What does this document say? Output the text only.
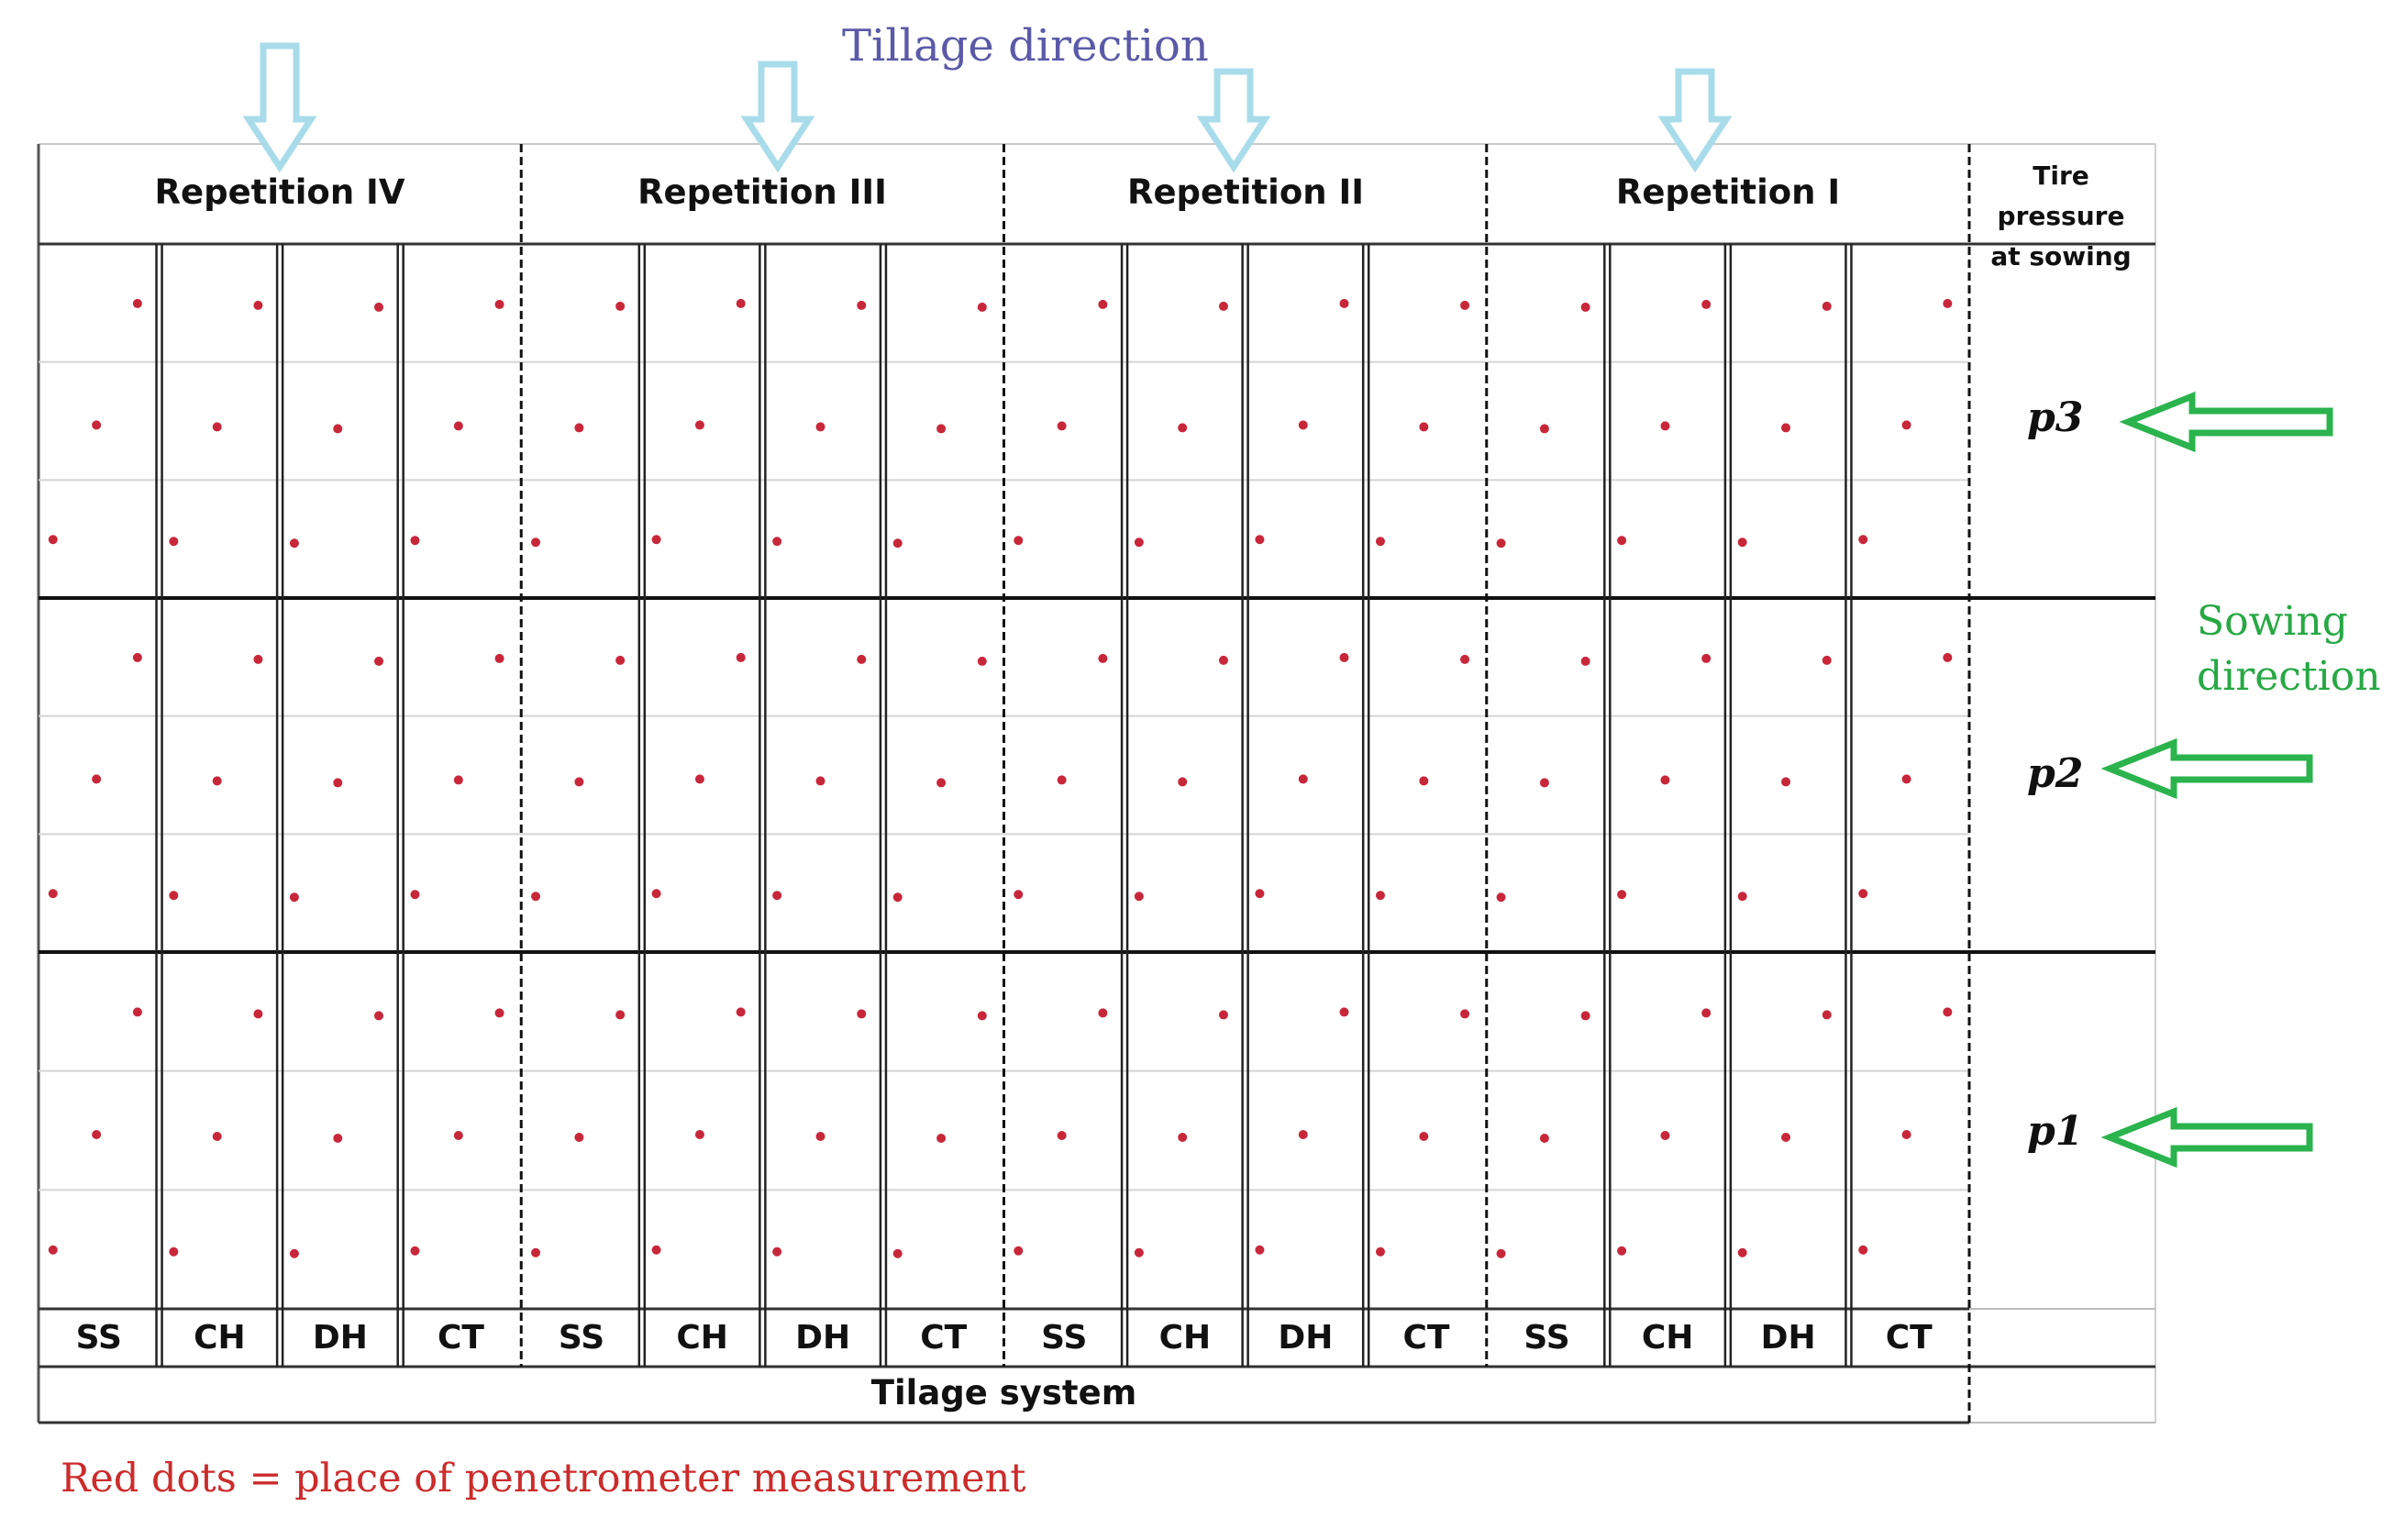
Tillage direction
Repetition IV	Repetition III	Repetition II	Repetition I	Tire pressure
at sowing
SS	CH	DH	CT	SS	CH	DH	CT	SS	CH	DH	CT	SS	CH	DH	CT
Tilage system
p3
p2
p1
Sowing
direction
Red dots = place of penetrometer measurement
